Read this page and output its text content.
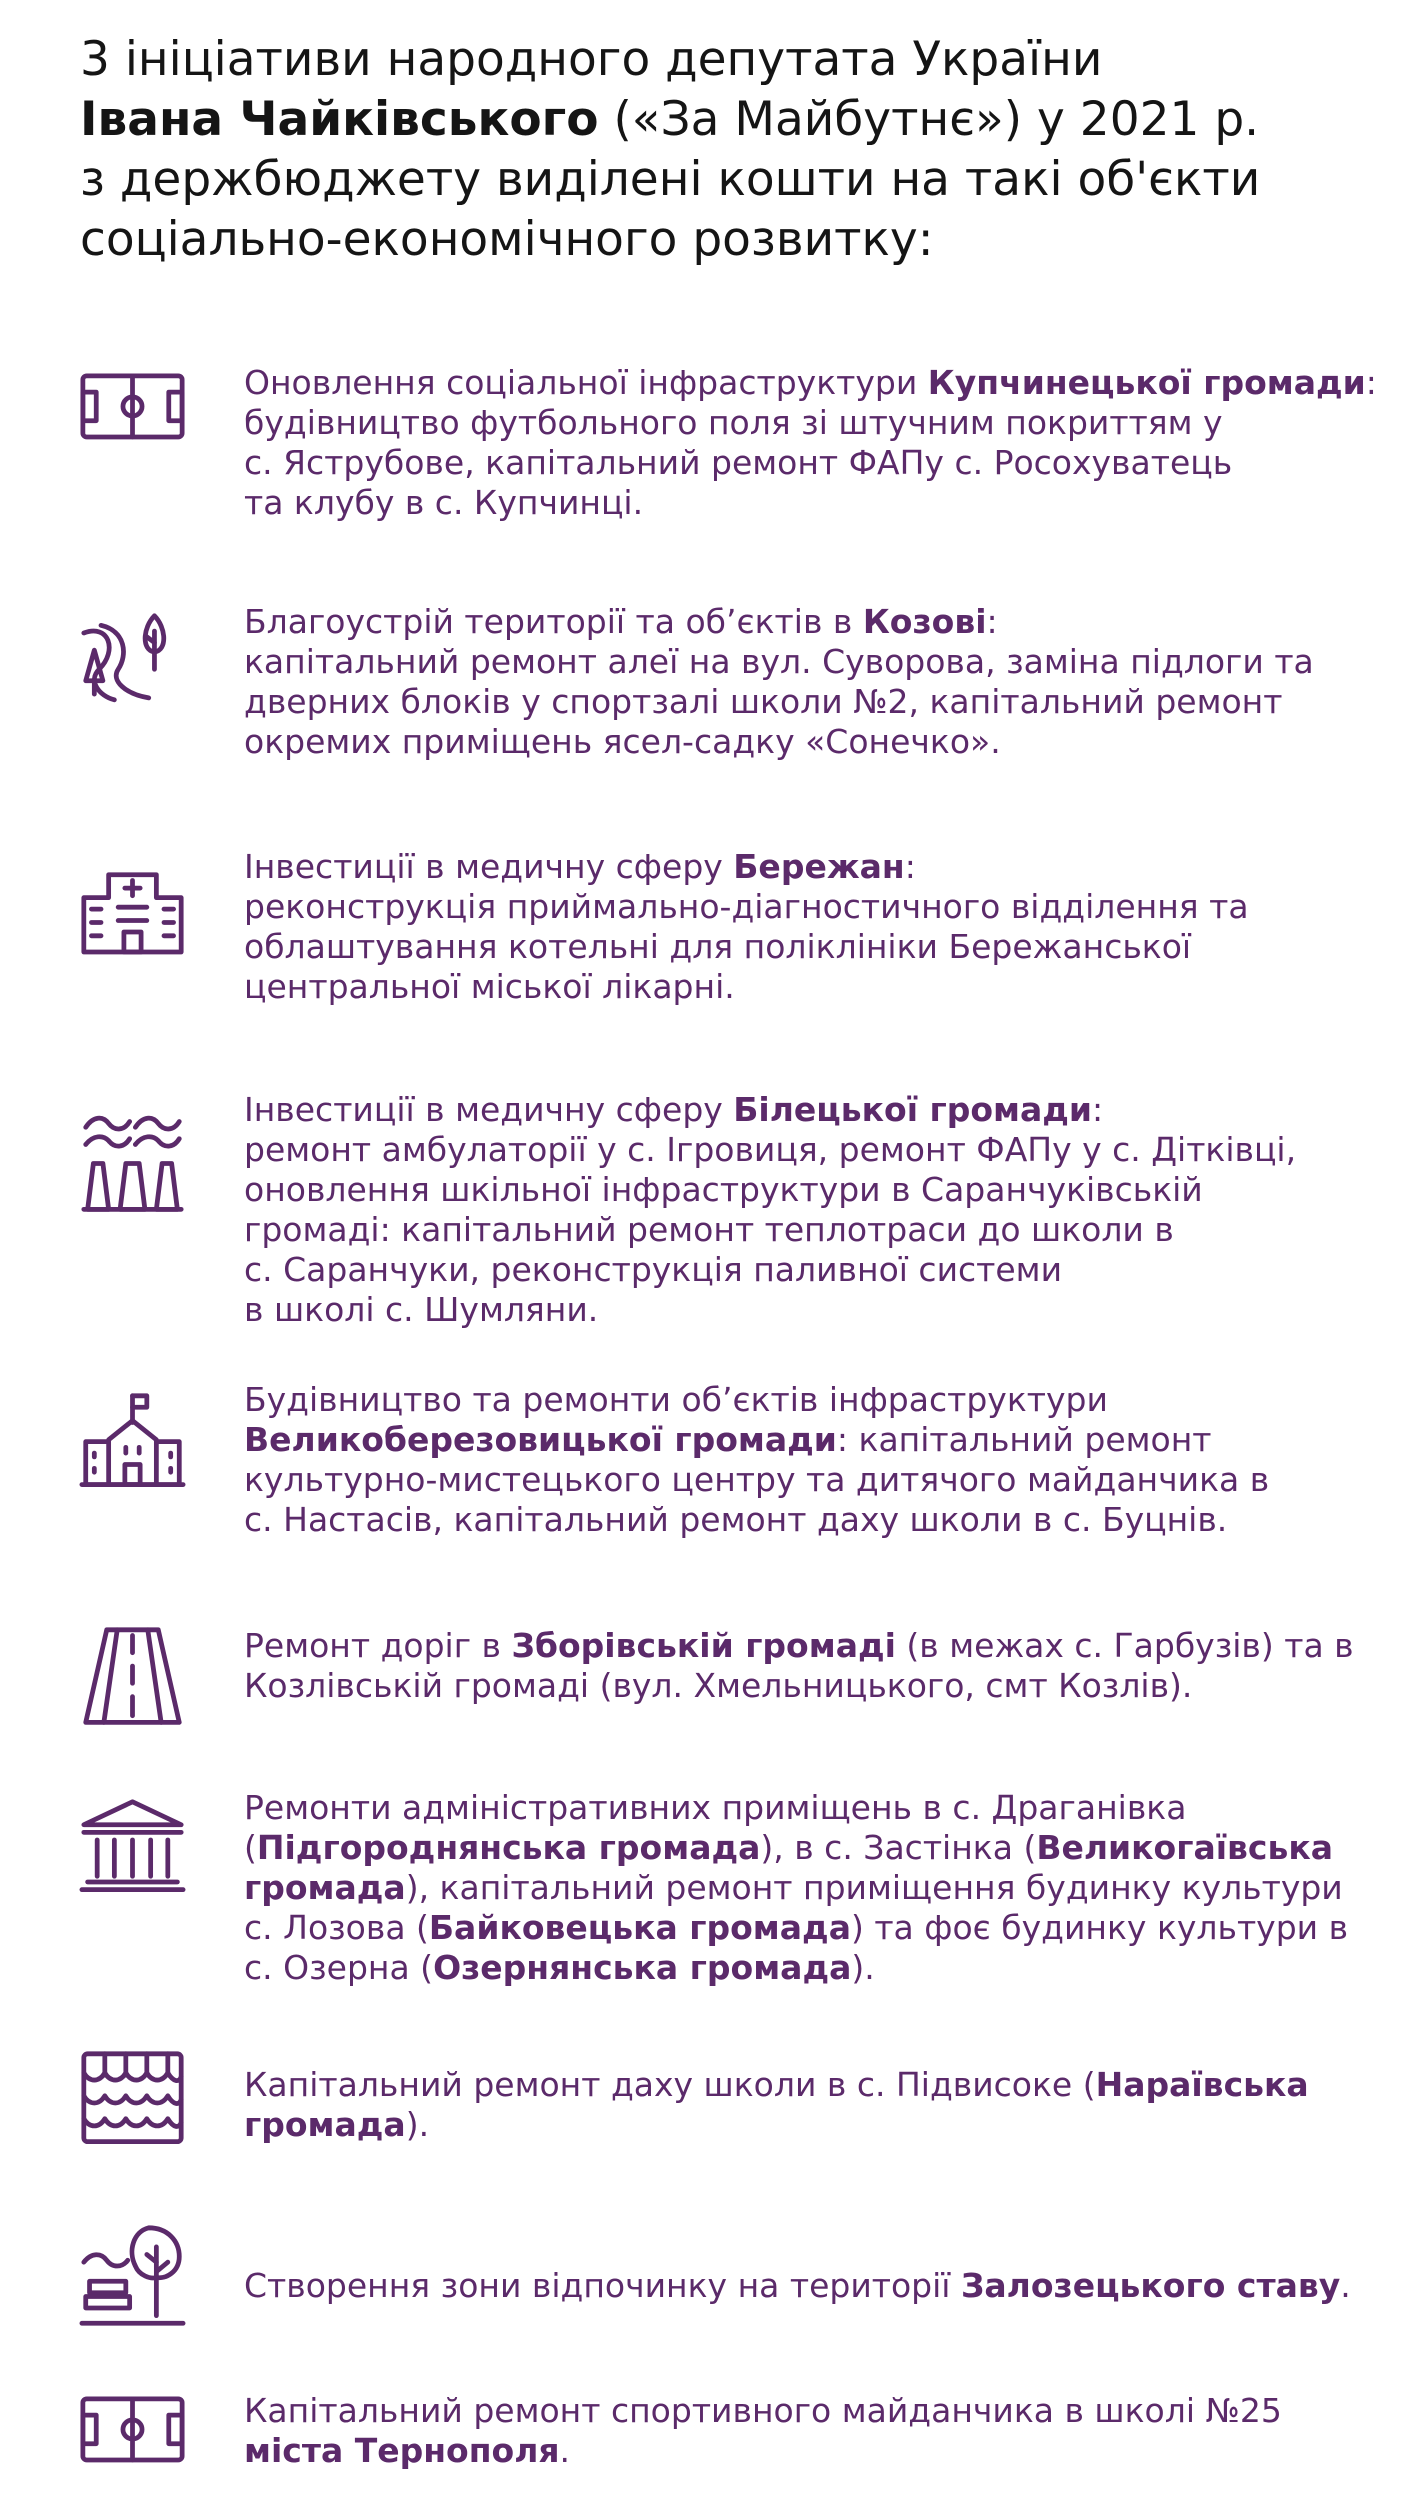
3 ініціативи народного депутата України
Івана Чайківського («За Майбутнє») у 2021 р.
з держбюджету виділені кошти на такі об'єкти
соціально-економічного розвитку:
Оновлення соціальної інфраструктури Купчинецької громади:
будівництво футбольного поля зі штучним покриттям у
с. Яструбове, капітальний ремонт ФАПу с. Росохуватець
та клубу в с. Купчинці.
Благоустрій території та об’єктів в Козові:
капітальний ремонт алеї на вул. Суворова, заміна підлоги та
дверних блоків у спортзалі школи №2, капітальний ремонт
окремих приміщень ясел-садку «Сонечко».
Інвестиції в медичну сферу Бережан:
реконструкція приймально-діагностичного відділення та
облаштування котельні для поліклініки Бережанської
центральної міської лікарні.
Інвестиції в медичну сферу Білецької громади:
ремонт амбулаторії у с. Ігровиця, ремонт ФАПу у с. Дітківці,
оновлення шкільної інфраструктури в Саранчуківській
громаді: капітальний ремонт теплотраси до школи в
с. Саранчуки, реконструкція паливної системи
в школі с. Шумляни.
Будівництво та ремонти об’єктів інфраструктури
Великоберезовицької громади: капітальний ремонт
культурно-мистецького центру та дитячого майданчика в
с. Настасів, капітальний ремонт даху школи в с. Буцнів.
Ремонт доріг в Зборівській громаді (в межах с. Гарбузів) та в
Козлівській громаді (вул. Хмельницького, смт Козлів).
Ремонти адміністративних приміщень в с. Драганівка
(Підгороднянська громада), в с. Застінка (Великогаївська
громада), капітальний ремонт приміщення будинку культури
с. Лозова (Байковецька громада) та фоє будинку культури в
с. Озерна (Озернянська громада).
Капітальний ремонт даху школи в с. Підвисоке (Нараївська
громада).
Створення зони відпочинку на території Залозецького ставу.
Капітальний ремонт спортивного майданчика в школі №25
міста Тернополя.
